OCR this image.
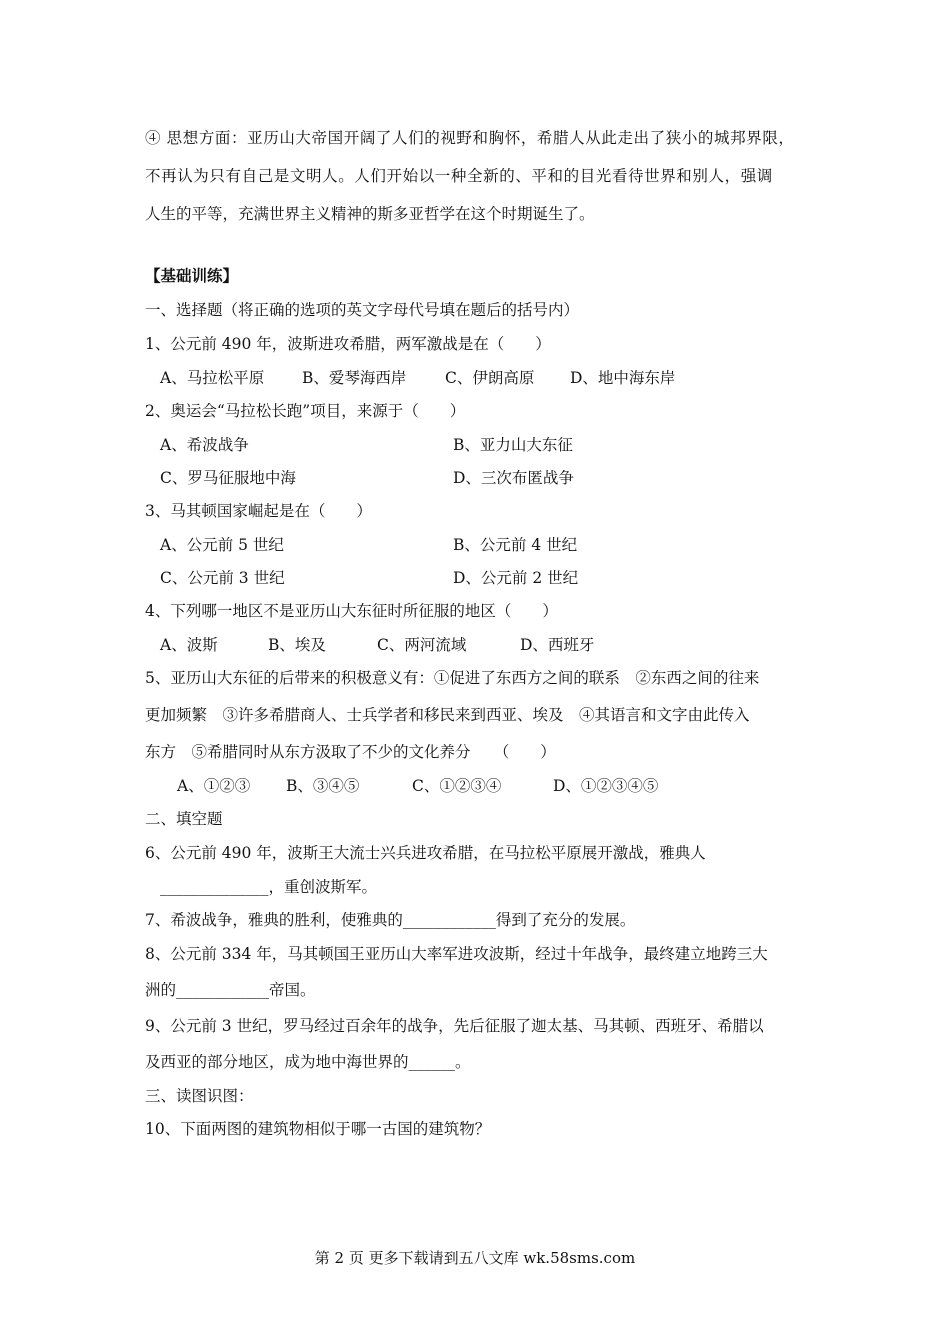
④ 思想方面：亚历山大帝国开阔了人们的视野和胸怀，希腊人从此走出了狭小的城邦界限，
不再认为只有自己是文明人。人们开始以一种全新的、平和的目光看待世界和别人，强调
人生的平等，充满世界主义精神的斯多亚哲学在这个时期诞生了。
【基础训练】
一、选择题（将正确的选项的英文字母代号填在题后的括号内）
1、公元前 490 年，波斯进攻希腊，两军激战是在（　　）
A、马拉松平原 B、爱琴海西岸 C、伊朗高原 D、地中海东岸
2、奥运会“马拉松长跑”项目，来源于（　　）
A、希波战争	B、亚力山大东征
C、罗马征服地中海	D、三次布匿战争
3、马其顿国家崛起是在（　　）
A、公元前 5 世纪	B、公元前 4 世纪
C、公元前 3 世纪	D、公元前 2 世纪
4、下列哪一地区不是亚历山大东征时所征服的地区（　　）
A、波斯	B、埃及	C、两河流域	D、西班牙
5、亚历山大东征的后带来的积极意义有：①促进了东西方之间的联系　②东西之间的往来
更加频繁　③许多希腊商人、士兵学者和移民来到西亚、埃及　④其语言和文字由此传入
东方　⑤希腊同时从东方汲取了不少的文化养分　　（　　）
A、①②③ B、③④⑤	C、①②③④	D、①②③④⑤
二、填空题
6、公元前 490 年，波斯王大流士兴兵进攻希腊，在马拉松平原展开激战，雅典人
______________，重创波斯军。
7、希波战争，雅典的胜利，使雅典的____________得到了充分的发展。
8、公元前 334 年，马其顿国王亚历山大率军进攻波斯，经过十年战争，最终建立地跨三大
洲的____________帝国。
9、公元前 3 世纪，罗马经过百余年的战争，先后征服了迦太基、马其顿、西班牙、希腊以
及西亚的部分地区，成为地中海世界的______。
三、读图识图：
10、下面两图的建筑物相似于哪一古国的建筑物？
第 2 页 更多下载请到五八文库 wk.58sms.com
